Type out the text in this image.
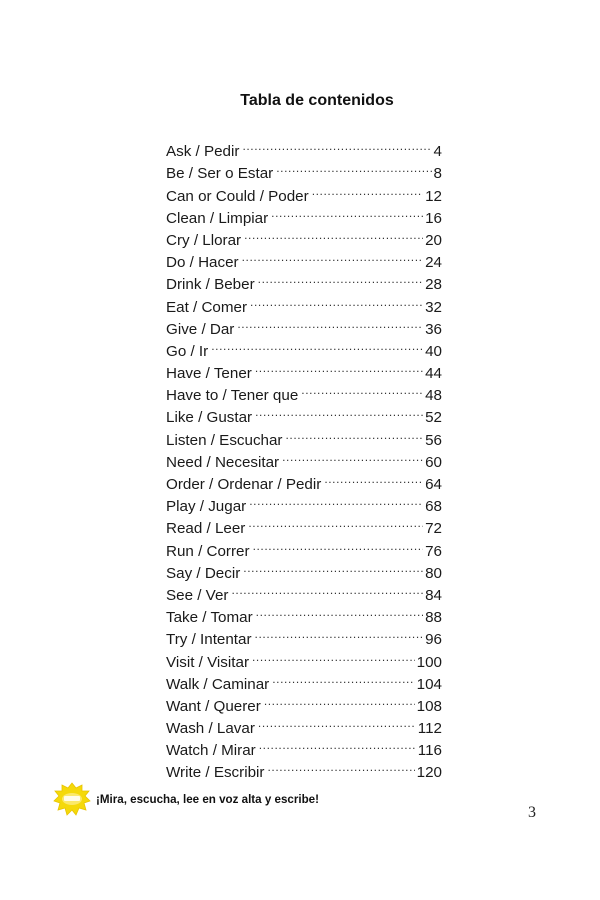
Tabla de contenidos
Ask / Pedir .....	4
Be / Ser o Estar .....	8
Can or Could / Poder .....	12
Clean / Limpiar .....	16
Cry / Llorar .....	20
Do / Hacer .....	24
Drink / Beber .....	28
Eat / Comer .....	32
Give / Dar .....	36
Go / Ir .....	40
Have / Tener .....	44
Have to / Tener que .....	48
Like / Gustar .....	52
Listen / Escuchar .....	56
Need / Necesitar .....	60
Order / Ordenar / Pedir .....	64
Play / Jugar .....	68
Read / Leer .....	72
Run / Correr .....	76
Say / Decir .....	80
See / Ver .....	84
Take / Tomar .....	88
Try / Intentar .....	96
Visit / Visitar .....	100
Walk / Caminar .....	104
Want / Querer .....	108
Wash / Lavar .....	112
Watch / Mirar .....	116
Write / Escribir .....	120
¡Mira, escucha, lee en voz alta y escribe!
3
